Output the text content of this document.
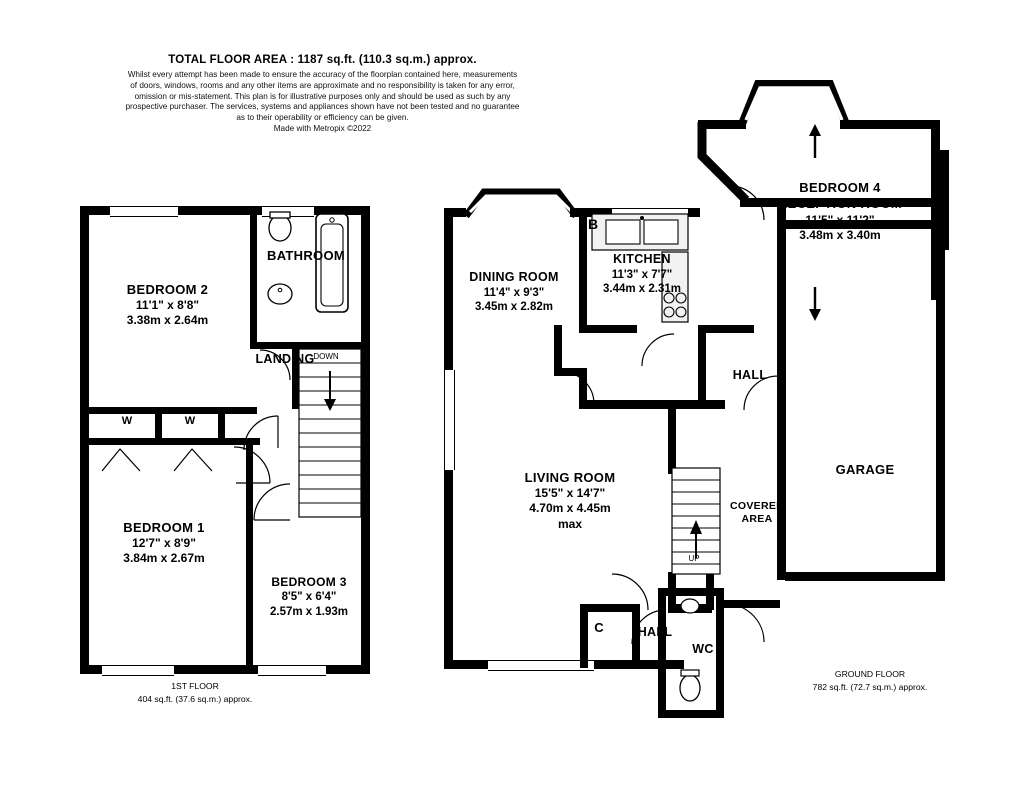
TOTAL FLOOR AREA : 1187 sq.ft. (110.3 sq.m.) approx.
Whilst every attempt has been made to ensure the accuracy of the floorplan contained here, measurements
of doors, windows, rooms and any other items are approximate and no responsibility is taken for any error,
omission or mis-statement. This plan is for illustrative purposes only and should be used as such by any
prospective purchaser. The services, systems and appliances shown have not been tested and no guarantee
as to their operability or efficiency can be given.
Made with Metropix ©2022
BEDROOM 2
11'1" x 8'8"
3.38m x 2.64m
BATHROOM
LANDING
DOWN
BEDROOM 1
12'7" x 8'9"
3.84m x 2.67m
BEDROOM 3
8'5" x 6'4"
2.57m x 1.93m
W
W
1ST FLOOR
404 sq.ft. (37.6 sq.m.) approx.
UP
B
C
BEDROOM 4
RECEPTION ROOM
11'5" x 11'2"
3.48m x 3.40m
DINING ROOM
11'4" x 9'3"
3.45m x 2.82m
KITCHEN
11'3" x 7'7"
3.44m x 2.31m
LIVING ROOM
15'5" x 14'7"
4.70m x 4.45m
max
GARAGE
HALL
HALL
WC
COVERED
AREA
GROUND FLOOR
782 sq.ft. (72.7 sq.m.) approx.
